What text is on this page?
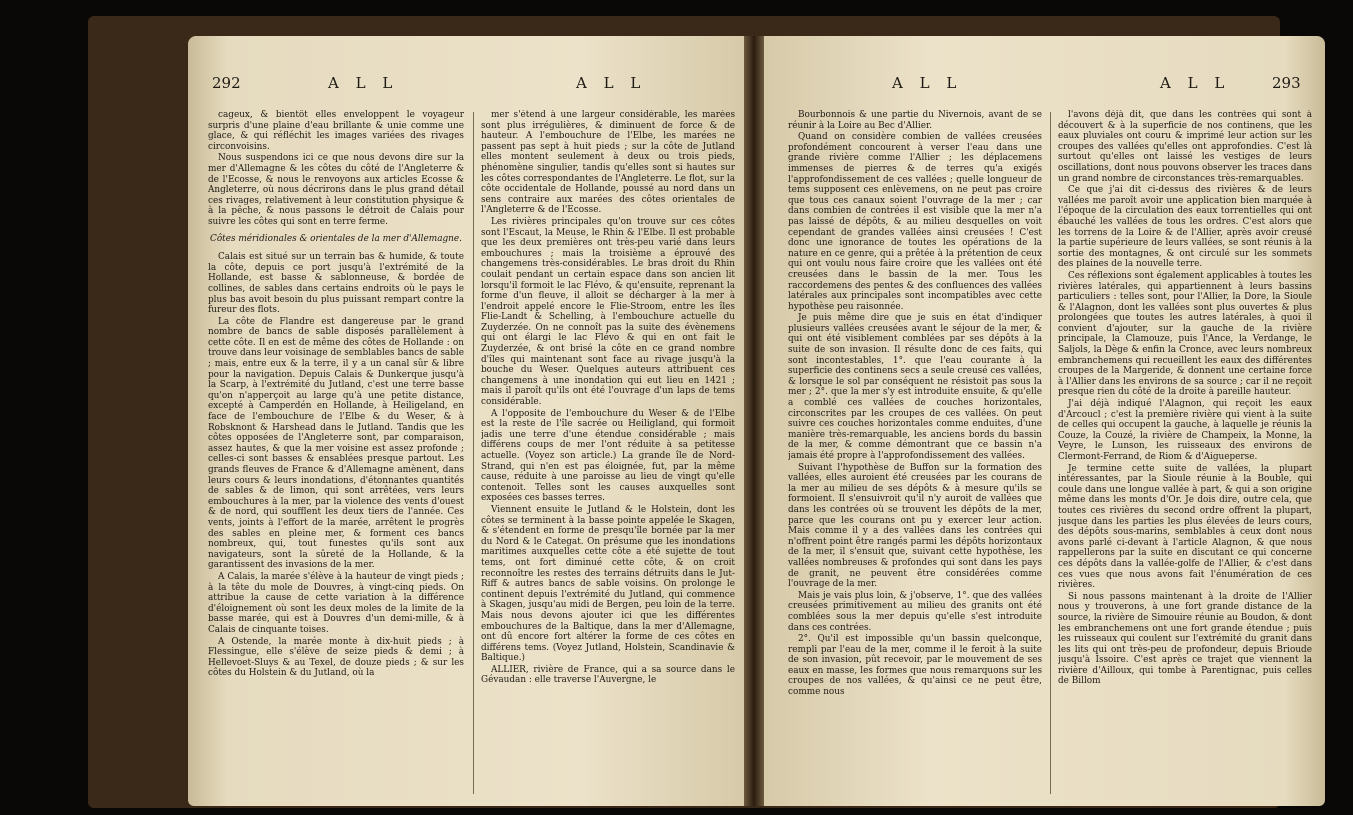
292	A L L	A L L

cageux, & bientôt elles enveloppent le voyageur surpris d'une plaine d'eau brillante & unie comme une glace, & qui réfléchit les images variées des rivages circonvoisins.

Nous suspendons ici ce que nous devons dire sur la mer d'Allemagne & les côtes du côté de l'Angleterre & de l'Ecosse, & nous le renvoyons aux articles Ecosse & Angleterre, où nous décrirons dans le plus grand détail ces rivages, relativement à leur constitution physique & à la pêche, & nous passons le détroit de Calais pour suivre les côtes qui sont en terre ferme.

Côtes méridionales & orientales de la mer d'Allemagne.

Calais est situé sur un terrain bas & humide, & toute la côte, depuis ce port jusqu'à l'extrémité de la Hollande, est basse & sablonneuse, & bordée de collines, de sables dans certains endroits où le pays le plus bas avoit besoin du plus puissant rempart contre la fureur des flots.

La côte de Flandre est dangereuse par le grand nombre de bancs de sable disposés parallèlement à cette côte. Il en est de même des côtes de Hollande : on trouve dans leur voisinage de semblables bancs de sable ; mais, entre eux & la terre, il y a un canal sûr & libre pour la navigation. Depuis Calais & Dunkerque jusqu'à la Scarp, à l'extrémité du Jutland, c'est une terre basse qu'on n'apperçoit au large qu'à une petite distance, excepté à Camperdén en Hollande, à Heiligeland, en face de l'embouchure de l'Elbe & du Weser, & à Robsknont & Harshead dans le Jutland. Tandis que les côtes opposées de l'Angleterre sont, par comparaison, assez hautes, & que la mer voisine est assez profonde ; celles-ci sont basses & ensablées presque partout. Les grands fleuves de France & d'Allemagne amènent, dans leurs cours & leurs inondations, d'étonnantes quantités de sables & de limon, qui sont arrêtées, vers leurs embouchures à la mer, par la violence des vents d'ouest & de nord, qui soufflent les deux tiers de l'année. Ces vents, joints à l'effort de la marée, arrêtent le progrès des sables en pleine mer, & forment ces bancs nombreux, qui, tout funestes qu'ils sont aux navigateurs, sont la sûreté de la Hollande, & la garantissent des invasions de la mer.

A Calais, la marée s'élève à la hauteur de vingt pieds ; à la tête du mole de Douvres, à vingt-cinq pieds. On attribue la cause de cette variation à la différence d'éloignement où sont les deux moles de la limite de la basse marée, qui est à Douvres d'un demi-mille, & à Calais de cinquante toises.

A Ostende, la marée monte à dix-huit pieds ; à Flessingue, elle s'élève de seize pieds & demi ; à Hellevoet-Sluys & au Texel, de douze pieds ; & sur les côtes du Holstein & du Jutland, où la

mer s'étend à une largeur considérable, les marées sont plus irrégulières, & diminuent de force & de hauteur. A l'embouchure de l'Elbe, les marées ne passent pas sept à huit pieds ; sur la côte de Jutland elles montent seulement à deux ou trois pieds, phénomène singulier, tandis qu'elles sont si hautes sur les côtes correspondantes de l'Angleterre. Le flot, sur la côte occidentale de Hollande, poussé au nord dans un sens contraire aux marées des côtes orientales de l'Angleterre & de l'Ecosse.

Les rivières principales qu'on trouve sur ces côtes sont l'Escaut, la Meuse, le Rhin & l'Elbe. Il est probable que les deux premières ont très-peu varié dans leurs embouchures ; mais la troisième a éprouvé des changemens très-considérables. Le bras droit du Rhin coulait pendant un certain espace dans son ancien lit lorsqu'il formoit le lac Flévo, & qu'ensuite, reprenant la forme d'un fleuve, il alloit se décharger à la mer à l'endroit appelé encore le Flie-Stroom, entre les îles Flie-Landt & Schelling, à l'embouchure actuelle du Zuyderzée. On ne connoît pas la suite des évènemens qui ont élargi le lac Flévo & qui en ont fait le Zuyderzée, & ont brisé la côte en ce grand nombre d'îles qui maintenant sont face au rivage jusqu'à la bouche du Weser. Quelques auteurs attribuent ces changemens à une inondation qui eut lieu en 1421 ; mais il paroît qu'ils ont été l'ouvrage d'un laps de tems considérable.

A l'opposite de l'embouchure du Weser & de l'Elbe est la reste de l'île sacrée ou Heiligland, qui formoit jadis une terre d'une étendue considérable ; mais différens coups de mer l'ont réduite à sa petitesse actuelle. (Voyez son article.) La grande île de Nord-Strand, qui n'en est pas éloignée, fut, par la même cause, réduite à une paroisse au lieu de vingt qu'elle contenoit. Telles sont les causes auxquelles sont exposées ces basses terres.

Viennent ensuite le Jutland & le Holstein, dont les côtes se terminent à la basse pointe appelée le Skagen, & s'étendent en forme de presqu'île bornée par la mer du Nord & le Categat. On présume que les inondations maritimes auxquelles cette côte a été sujette de tout tems, ont fort diminué cette côte, & on croit reconnoître les restes des terrains détruits dans le Jut-Riff & autres bancs de sable voisins. On prolonge le continent depuis l'extrémité du Jutland, qui commence à Skagen, jusqu'au midi de Bergen, peu loin de la terre. Mais nous devons ajouter ici que les différentes embouchures de la Baltique, dans la mer d'Allemagne, ont dû encore fort altérer la forme de ces côtes en différens tems. (Voyez Jutland, Holstein, Scandinavie & Baltique.)

ALLIER, rivière de France, qui a sa source dans le Gévaudan : elle traverse l'Auvergne, le

A L L	A L L	293

Bourbonnois & une partie du Nivernois, avant de se réunir à la Loire au Bec d'Allier.

Quand on considère combien de vallées creusées profondément concourent à verser l'eau dans une grande rivière comme l'Allier ; les déplacemens immenses de pierres & de terres qu'a exigés l'approfondissement de ces vallées ; quelle longueur de tems supposent ces enlèvemens, on ne peut pas croire que tous ces canaux soient l'ouvrage de la mer ; car dans combien de contrées il est visible que la mer n'a pas laissé de dépôts, & au milieu desquelles on voit cependant de grandes vallées ainsi creusées ! C'est donc une ignorance de toutes les opérations de la nature en ce genre, qui a prêtée à la prétention de ceux qui ont voulu nous faire croire que les vallées ont été creusées dans le bassin de la mer. Tous les raccordemens des pentes & des confluences des vallées latérales aux principales sont incompatibles avec cette hypothèse peu raisonnée.

Je puis même dire que je suis en état d'indiquer plusieurs vallées creusées avant le séjour de la mer, & qui ont été visiblement comblées par ses dépôts à la suite de son invasion. Il résulte donc de ces faits, qui sont incontestables, 1°. que l'eau courante à la superficie des continens secs a seule creusé ces vallées, & lorsque le sol par conséquent ne résistoit pas sous la mer ; 2°. que la mer s'y est introduite ensuite, & qu'elle a comblé ces vallées de couches horizontales, circonscrites par les croupes de ces vallées. On peut suivre ces couches horizontales comme enduites, d'une manière très-remarquable, les anciens bords du bassin de la mer, & comme démontrant que ce bassin n'a jamais été propre à l'approfondissement des vallées.

Suivant l'hypothèse de Buffon sur la formation des vallées, elles auroient été creusées par les courans de la mer au milieu de ses dépôts & à mesure qu'ils se formoient. Il s'ensuivroit qu'il n'y auroit de vallées que dans les contrées où se trouvent les dépôts de la mer, parce que les courans ont pu y exercer leur action. Mais comme il y a des vallées dans les contrées qui n'offrent point être rangés parmi les dépôts horizontaux de la mer, il s'ensuit que, suivant cette hypothèse, les vallées nombreuses & profondes qui sont dans les pays de granit, ne peuvent être considérées comme l'ouvrage de la mer.

Mais je vais plus loin, & j'observe, 1°. que des vallées creusées primitivement au milieu des granits ont été comblées sous la mer depuis qu'elle s'est introduite dans ces contrées.

2°. Qu'il est impossible qu'un bassin quelconque, rempli par l'eau de la mer, comme il le feroit à la suite de son invasion, pût recevoir, par le mouvement de ses eaux en masse, les formes que nous remarquons sur les croupes de nos vallées, & qu'ainsi ce ne peut être, comme nous

l'avons déjà dit, que dans les contrées qui sont à découvert & à la superficie de nos continens, que les eaux pluviales ont couru & imprimé leur action sur les croupes des vallées qu'elles ont approfondies. C'est là surtout qu'elles ont laissé les vestiges de leurs oscillations, dont nous pouvons observer les traces dans un grand nombre de circonstances très-remarquables.

Ce que j'ai dit ci-dessus des rivières & de leurs vallées me paroît avoir une application bien marquée à l'époque de la circulation des eaux torrentielles qui ont ébauché les vallées de tous les ordres. C'est alors que les torrens de la Loire & de l'Allier, après avoir creusé la partie supérieure de leurs vallées, se sont réunis à la sortie des montagnes, & ont circulé sur les sommets des plaines de la nouvelle terre.

Ces réflexions sont également applicables à toutes les rivières latérales, qui appartiennent à leurs bassins particuliers : telles sont, pour l'Allier, la Dore, la Sioule & l'Alagnon, dont les vallées sont plus ouvertes & plus prolongées que toutes les autres latérales, à quoi il convient d'ajouter, sur la gauche de la rivière principale, la Clamouze, puis l'Ance, la Verdange, le Saljols, la Dège & enfin la Cronce, avec leurs nombreux embranchemens qui recueillent les eaux des différentes croupes de la Margeride, & donnent une certaine force à l'Allier dans les environs de sa source ; car il ne reçoit presque rien du côté de la droite à pareille hauteur.

J'ai déjà indiqué l'Alagnon, qui reçoit les eaux d'Arcoucl ; c'est la première rivière qui vient à la suite de celles qui occupent la gauche, à laquelle je réunis la Couze, la Couzé, la rivière de Champeix, la Monne, la Veyre, le Lunson, les ruisseaux des environs de Clermont-Ferrand, de Riom & d'Aigueperse.

Je termine cette suite de vallées, la plupart intéressantes, par la Sioule réunie à la Bouble, qui coule dans une longue vallée à part, & qui a son origine même dans les monts d'Or. Je dois dire, outre cela, que toutes ces rivières du second ordre offrent la plupart, jusque dans les parties les plus élevées de leurs cours, des dépôts sous-marins, semblables à ceux dont nous avons parlé ci-devant à l'article Alagnon, & que nous rappellerons par la suite en discutant ce qui concerne ces dépôts dans la vallée-golfe de l'Allier, & c'est dans ces vues que nous avons fait l'énumération de ces rivières.

Si nous passons maintenant à la droite de l'Allier nous y trouverons, à une fort grande distance de la source, la rivière de Simouire réunie au Boudon, & dont les embranchemens ont une fort grande étendue ; puis les ruisseaux qui coulent sur l'extrémité du granit dans les lits qui ont très-peu de profondeur, depuis Brioude jusqu'à Issoire. C'est après ce trajet que viennent la rivière d'Ailloux, qui tombe à Parentignac, puis celles de Billom
